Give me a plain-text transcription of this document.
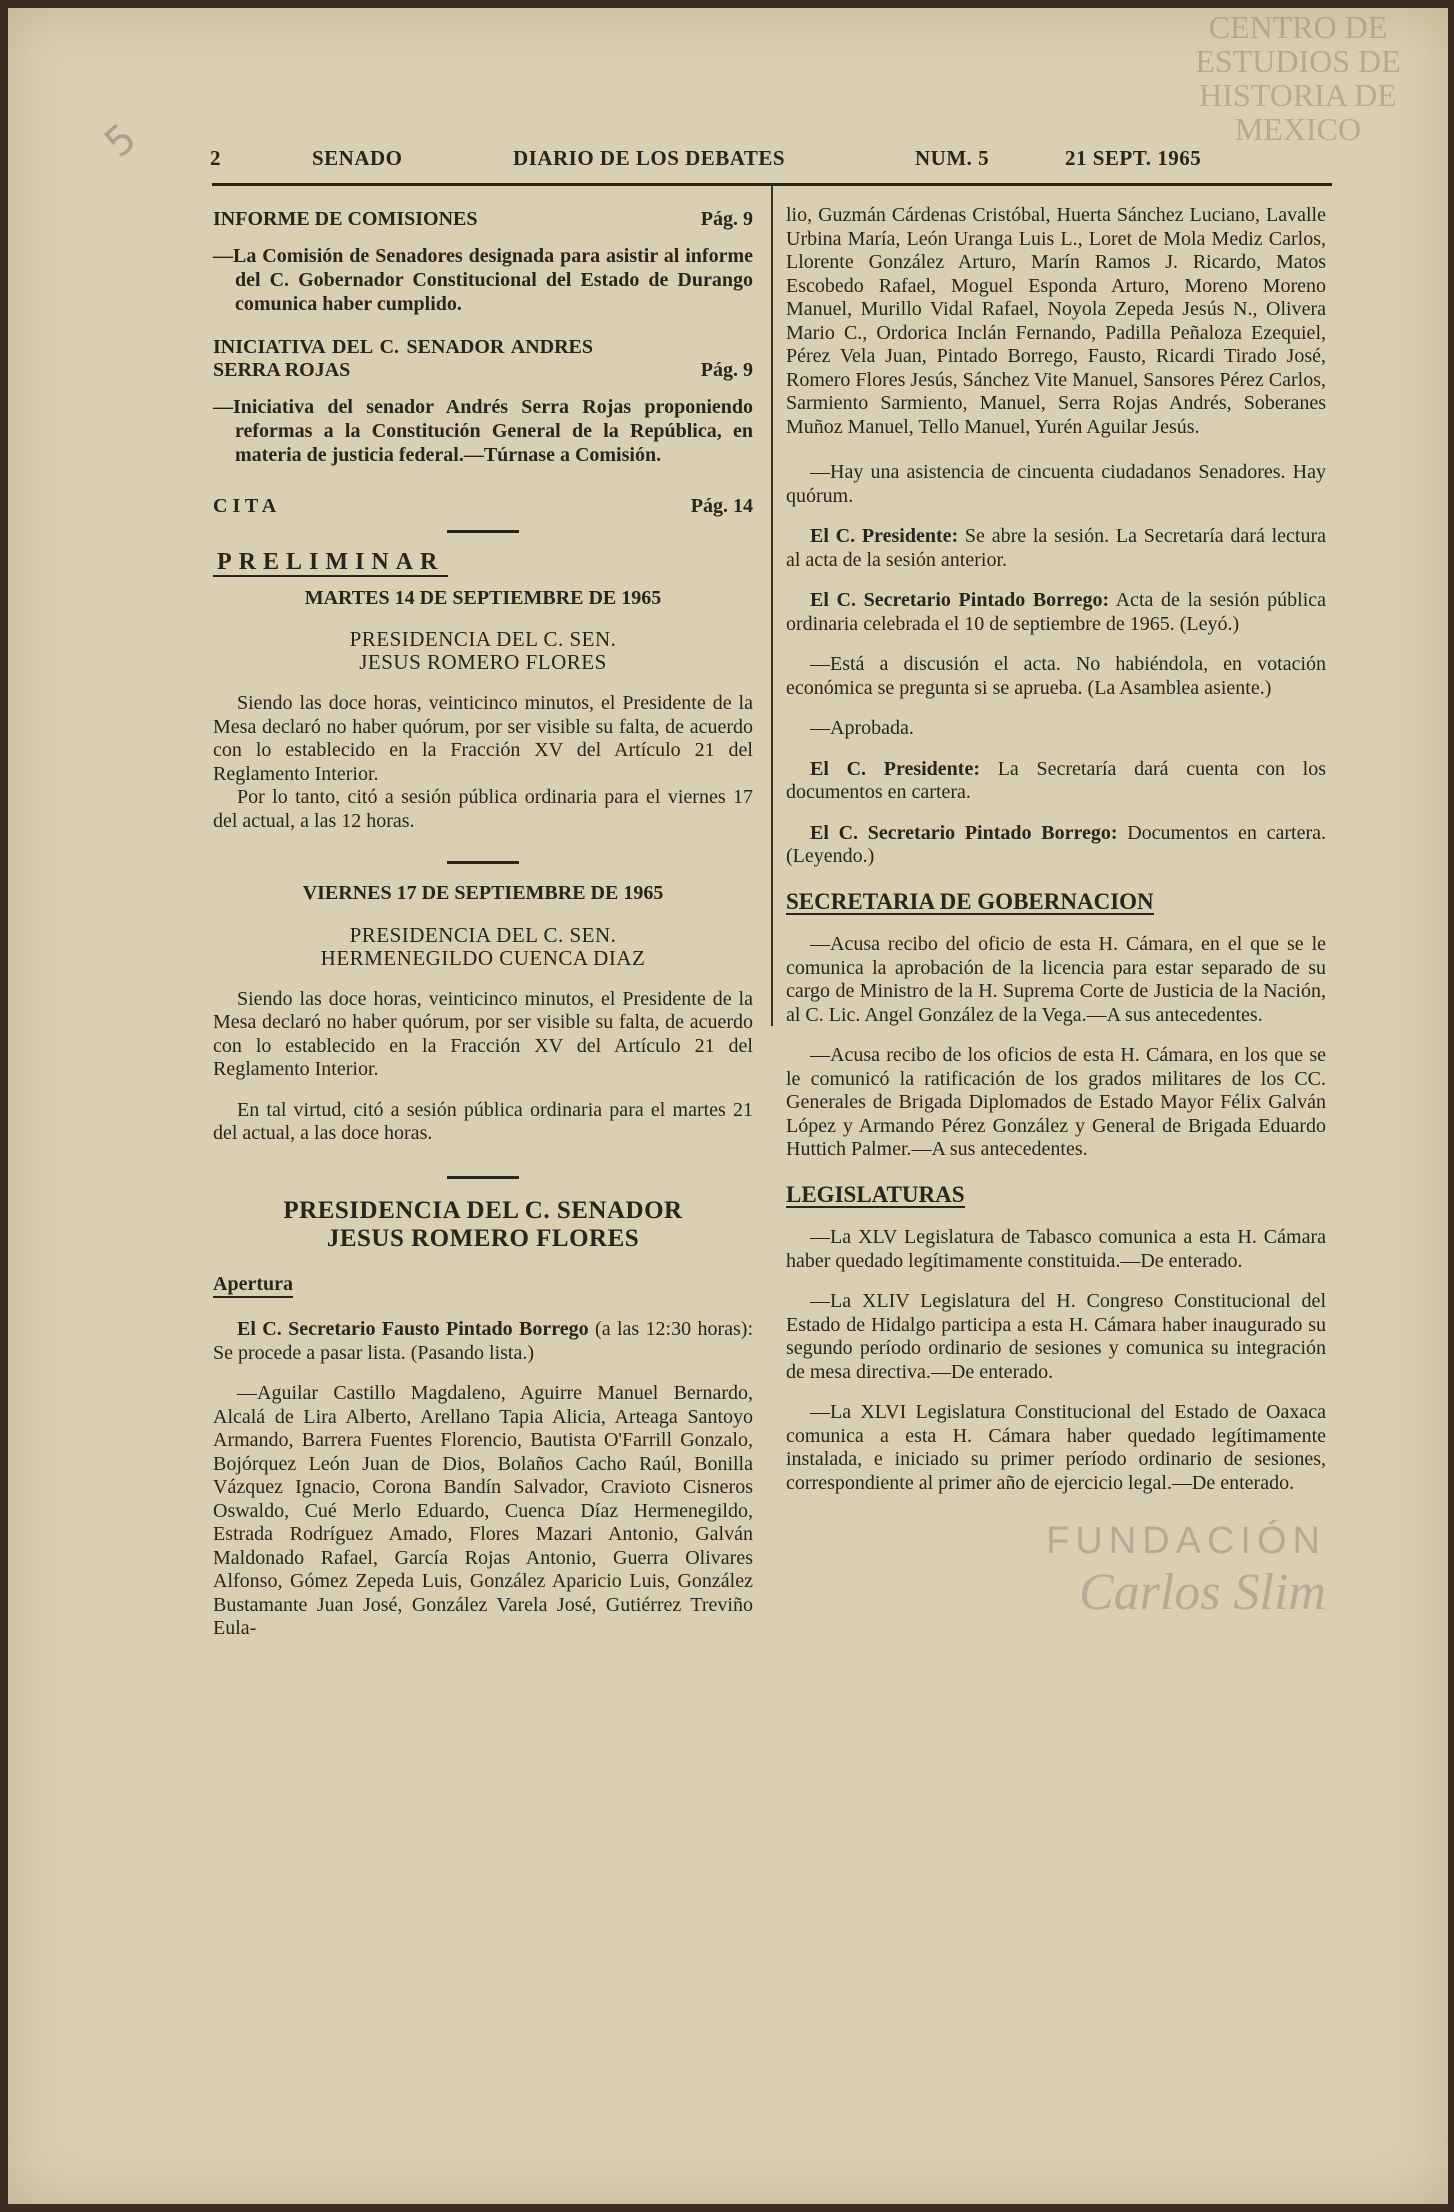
5
CENTRO DE ESTUDIOS DE HISTORIA DE MEXICO
2	SENADO	DIARIO DE LOS DEBATES	NUM. 5	21 SEPT. 1965
INFORME DE COMISIONES	Pág. 9

—La Comisión de Senadores designada para asistir al informe del C. Gobernador Constitucional del Estado de Durango comunica haber cumplido.

INICIATIVA DEL C. SENADOR ANDRES SERRA ROJAS	Pág. 9

—Iniciativa del senador Andrés Serra Rojas proponiendo reformas a la Constitución General de la República, en materia de justicia federal.—Túrnase a Comisión.

C I T A	Pág. 14
PRELIMINAR
MARTES 14 DE SEPTIEMBRE DE 1965
PRESIDENCIA DEL C. SEN.
JESUS ROMERO FLORES

Siendo las doce horas, veinticinco minutos, el Presidente de la Mesa declaró no haber quórum, por ser visible su falta, de acuerdo con lo establecido en la Fracción XV del Artículo 21 del Reglamento Interior.

Por lo tanto, citó a sesión pública ordinaria para el viernes 17 del actual, a las 12 horas.

VIERNES 17 DE SEPTIEMBRE DE 1965
PRESIDENCIA DEL C. SEN.
HERMENEGILDO CUENCA DIAZ

Siendo las doce horas, veinticinco minutos, el Presidente de la Mesa declaró no haber quórum, por ser visible su falta, de acuerdo con lo establecido en la Fracción XV del Artículo 21 del Reglamento Interior.

En tal virtud, citó a sesión pública ordinaria para el martes 21 del actual, a las doce horas.

PRESIDENCIA DEL C. SENADOR
JESUS ROMERO FLORES
Apertura

El C. Secretario Fausto Pintado Borrego (a las 12:30 horas): Se procede a pasar lista. (Pasando lista.)

—Aguilar Castillo Magdaleno, Aguirre Manuel Bernardo, Alcalá de Lira Alberto, Arellano Tapia Alicia, Arteaga Santoyo Armando, Barrera Fuentes Florencio, Bautista O'Farrill Gonzalo, Bojórquez León Juan de Dios, Bolaños Cacho Raúl, Bonilla Vázquez Ignacio, Corona Bandín Salvador, Cravioto Cisneros Oswaldo, Cué Merlo Eduardo, Cuenca Díaz Hermenegildo, Estrada Rodríguez Amado, Flores Mazari Antonio, Galván Maldonado Rafael, García Rojas Antonio, Guerra Olivares Alfonso, Gómez Zepeda Luis, González Aparicio Luis, González Bustamante Juan José, González Varela José, Gutiérrez Treviño Eula-

lio, Guzmán Cárdenas Cristóbal, Huerta Sánchez Luciano, Lavalle Urbina María, León Uranga Luis L., Loret de Mola Mediz Carlos, Llorente González Arturo, Marín Ramos J. Ricardo, Matos Escobedo Rafael, Moguel Esponda Arturo, Moreno Moreno Manuel, Murillo Vidal Rafael, Noyola Zepeda Jesús N., Olivera Mario C., Ordorica Inclán Fernando, Padilla Peñaloza Ezequiel, Pérez Vela Juan, Pintado Borrego, Fausto, Ricardi Tirado José, Romero Flores Jesús, Sánchez Vite Manuel, Sansores Pérez Carlos, Sarmiento Sarmiento, Manuel, Serra Rojas Andrés, Soberanes Muñoz Manuel, Tello Manuel, Yurén Aguilar Jesús.

—Hay una asistencia de cincuenta ciudadanos Senadores. Hay quórum.

El C. Presidente: Se abre la sesión. La Secretaría dará lectura al acta de la sesión anterior.

El C. Secretario Pintado Borrego: Acta de la sesión pública ordinaria celebrada el 10 de septiembre de 1965. (Leyó.)

—Está a discusión el acta. No habiéndola, en votación económica se pregunta si se aprueba. (La Asamblea asiente.)

—Aprobada.

El C. Presidente: La Secretaría dará cuenta con los documentos en cartera.

El C. Secretario Pintado Borrego: Documentos en cartera. (Leyendo.)

SECRETARIA DE GOBERNACION

—Acusa recibo del oficio de esta H. Cámara, en el que se le comunica la aprobación de la licencia para estar separado de su cargo de Ministro de la H. Suprema Corte de Justicia de la Nación, al C. Lic. Angel González de la Vega.—A sus antecedentes.

—Acusa recibo de los oficios de esta H. Cámara, en los que se le comunicó la ratificación de los grados militares de los CC. Generales de Brigada Diplomados de Estado Mayor Félix Galván López y Armando Pérez González y General de Brigada Eduardo Huttich Palmer.—A sus antecedentes.

LEGISLATURAS

—La XLV Legislatura de Tabasco comunica a esta H. Cámara haber quedado legítimamente constituida.—De enterado.

—La XLIV Legislatura del H. Congreso Constitucional del Estado de Hidalgo participa a esta H. Cámara haber inaugurado su segundo período ordinario de sesiones y comunica su integración de mesa directiva.—De enterado.

—La XLVI Legislatura Constitucional del Estado de Oaxaca comunica a esta H. Cámara haber quedado legítimamente instalada, e iniciado su primer período ordinario de sesiones, correspondiente al primer año de ejercicio legal.—De enterado.

FUNDACIÓN
Carlos Slim
